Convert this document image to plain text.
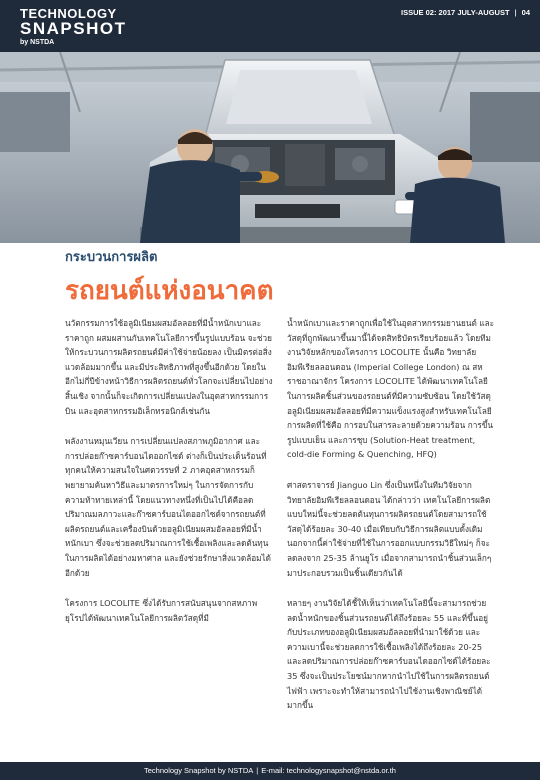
TECHNOLOGY
SNAPSHOT
by NSTDA
ISSUE 02: 2017 JULY-AUGUST | 04
กระบวนการผลิต
รถยนต์แห่งอนาคต

นวัตกรรมการใช้อลูมิเนียมผสมอัลลอยที่มีน้ำหนักเบาและราคาถูก ผสมผสานกับเทคโนโลยีการขึ้นรูปแบบร้อน จะช่วยให้กระบวนการผลิตรถยนต์มีค่าใช้จ่ายน้อยลง เป็นมิตรต่อสิ่งแวดล้อมมากขึ้น และมีประสิทธิภาพที่สูงขึ้นอีกด้วย โดยในอีกไม่กี่ปีข้างหน้าวิธีการผลิตรถยนต์ทั่วโลกจะเปลี่ยนไปอย่างสิ้นเชิง จากนั้นก็จะเกิดการเปลี่ยนแปลงในอุตสาหกรรมการบิน และอุตสาหกรรมอิเล็กทรอนิกส์เช่นกัน

พลังงานหมุนเวียน การเปลี่ยนแปลงสภาพภูมิอากาศ และการปล่อยก๊าซคาร์บอนไดออกไซด์ ต่างก็เป็นประเด็นร้อนที่ทุกคนให้ความสนใจในศตวรรษที่ 2 ภาคอุตสาหกรรมก็พยายามค้นหาวิธีและมาตรการใหม่ๆ ในการจัดการกับความท้าทายเหล่านี้ โดยแนวทางหนึ่งที่เป็นไปได้คือลดปริมาณมลภาวะและก๊าซคาร์บอนไดออกไซด์จากรถยนต์ที่ผลิตรถยนต์และเครื่องบินด้วยอลูมิเนียมผสมอัลลอยที่มีน้ำหนักเบา ซึ่งจะช่วยลดปริมาณการใช้เชื้อเพลิงและลดต้นทุนในการผลิตได้อย่างมหาศาล และยังช่วยรักษาสิ่งแวดล้อมได้อีกด้วย

โครงการ LOCOLITE ซึ่งได้รับการสนับสนุนจากสหภาพยุโรปได้พัฒนาเทคโนโลยีการผลิตวัสดุที่มี

น้ำหนักเบาและราคาถูกเพื่อใช้ในอุตสาหกรรมยานยนต์ และวัสดุที่ถูกพัฒนาขึ้นมานี้ได้จดสิทธิบัตรเรียบร้อยแล้ว โดยทีมงานวิจัยหลักของโครงการ LOCOLITE นั้นคือ วิทยาลัยอิมพีเรียลลอนดอน (Imperial College London) ณ สหราชอาณาจักร โครงการ LOCOLITE ได้พัฒนาเทคโนโลยีในการผลิตชิ้นส่วนของรถยนต์ที่มีความซับซ้อน โดยใช้วัสดุอลูมิเนียมผสมอัลลอยที่มีความแข็งแรงสูงสำหรับเทคโนโลยีการผลิตที่ใช้คือ การอบในสารละลายด้วยความร้อน การขึ้นรูปแบบเย็น และการชุบ (Solution-Heat treatment, cold-die Forming & Quenching, HFQ)

ศาสตราจารย์ Jianguo Lin ซึ่งเป็นหนึ่งในทีมวิจัยจากวิทยาลัยอิมพีเรียลลอนดอน ได้กล่าวว่า เทคโนโลยีการผลิตแบบใหม่นี้จะช่วยลดต้นทุนการผลิตรถยนต์โดยสามารถใช้วัสดุได้ร้อยละ 30-40 เมื่อเทียบกับวิธีการผลิตแบบดั้งเดิม นอกจากนี้ค่าใช้จ่ายที่ใช้ในการออกแบบกรรมวิธีใหม่ๆ ก็จะลดลงจาก 25-35 ล้านยูโร เมื่อจากสามารถนำชิ้นส่วนเล็กๆ มาประกอบรวมเป็นชิ้นเดียวกันได้

หลายๆ งานวิจัยได้ชี้ให้เห็นว่าเทคโนโลยีนี้จะสามารถช่วยลดน้ำหนักของชิ้นส่วนรถยนต์ได้ถึงร้อยละ 55 และที่ขึ้นอยู่กับประเภทของอลูมิเนียมผสมอัลลอยที่นำมาใช้ด้วย และความเบานี้จะช่วยลดการใช้เชื้อเพลิงได้ถึงร้อยละ 20-25 และลดปริมาณการปล่อยก๊าซคาร์บอนไดออกไซด์ได้ร้อยละ 35 ซึ่งจะเป็นประโยชน์มากหากนำไปใช้ในการผลิตรถยนต์ไฟฟ้า เพราะจะทำให้สามารถนำไปใช้งานเชิงพาณิชย์ได้มากขึ้น

Technology Snapshot by NSTDA | E-mail: technologysnapshot@nstda.or.th
